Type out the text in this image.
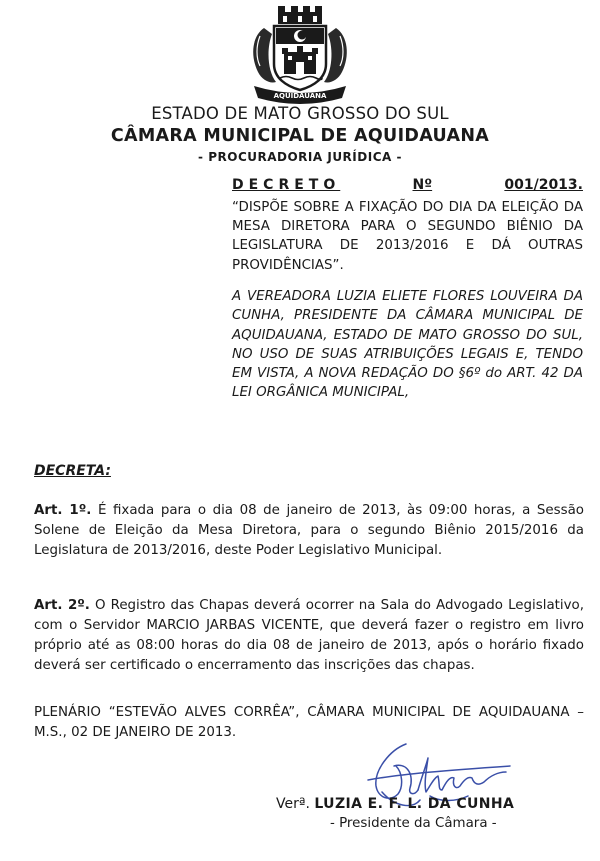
AQUIDAUANA
ESTADO DE MATO GROSSO DO SUL
CÂMARA MUNICIPAL DE AQUIDAUANA
- PROCURADORIA JURÍDICA -
DECRETO	Nº	001/2013.
“DISPÕE SOBRE A FIXAÇÃO DO DIA DA ELEIÇÃO DA MESA DIRETORA PARA O SEGUNDO BIÊNIO DA LEGISLATURA DE 2013/2016 E DÁ OUTRAS PROVIDÊNCIAS”.
A VEREADORA LUZIA ELIETE FLORES LOUVEIRA DA CUNHA, PRESIDENTE DA CÂMARA MUNICIPAL DE AQUIDAUANA, ESTADO DE MATO GROSSO DO SUL, NO USO DE SUAS ATRIBUIÇÕES LEGAIS E, TENDO EM VISTA, A NOVA REDAÇÃO DO §6º do ART. 42 DA LEI ORGÂNICA MUNICIPAL,
DECRETA:
Art. 1º. É fixada para o dia 08 de janeiro de 2013, às 09:00 horas, a Sessão Solene de Eleição da Mesa Diretora, para o segundo Biênio 2015/2016 da Legislatura de 2013/2016, deste Poder Legislativo Municipal.
Art. 2º. O Registro das Chapas deverá ocorrer na Sala do Advogado Legislativo, com o Servidor MARCIO JARBAS VICENTE, que deverá fazer o registro em livro próprio até as 08:00 horas do dia 08 de janeiro de 2013, após o horário fixado deverá ser certificado o encerramento das inscrições das chapas.
PLENÁRIO “ESTEVÃO ALVES CORRÊA”, CÂMARA MUNICIPAL DE AQUIDAUANA – M.S., 02 DE JANEIRO DE 2013.
Verª. LUZIA E. F. L. DA CUNHA
- Presidente da Câmara -
